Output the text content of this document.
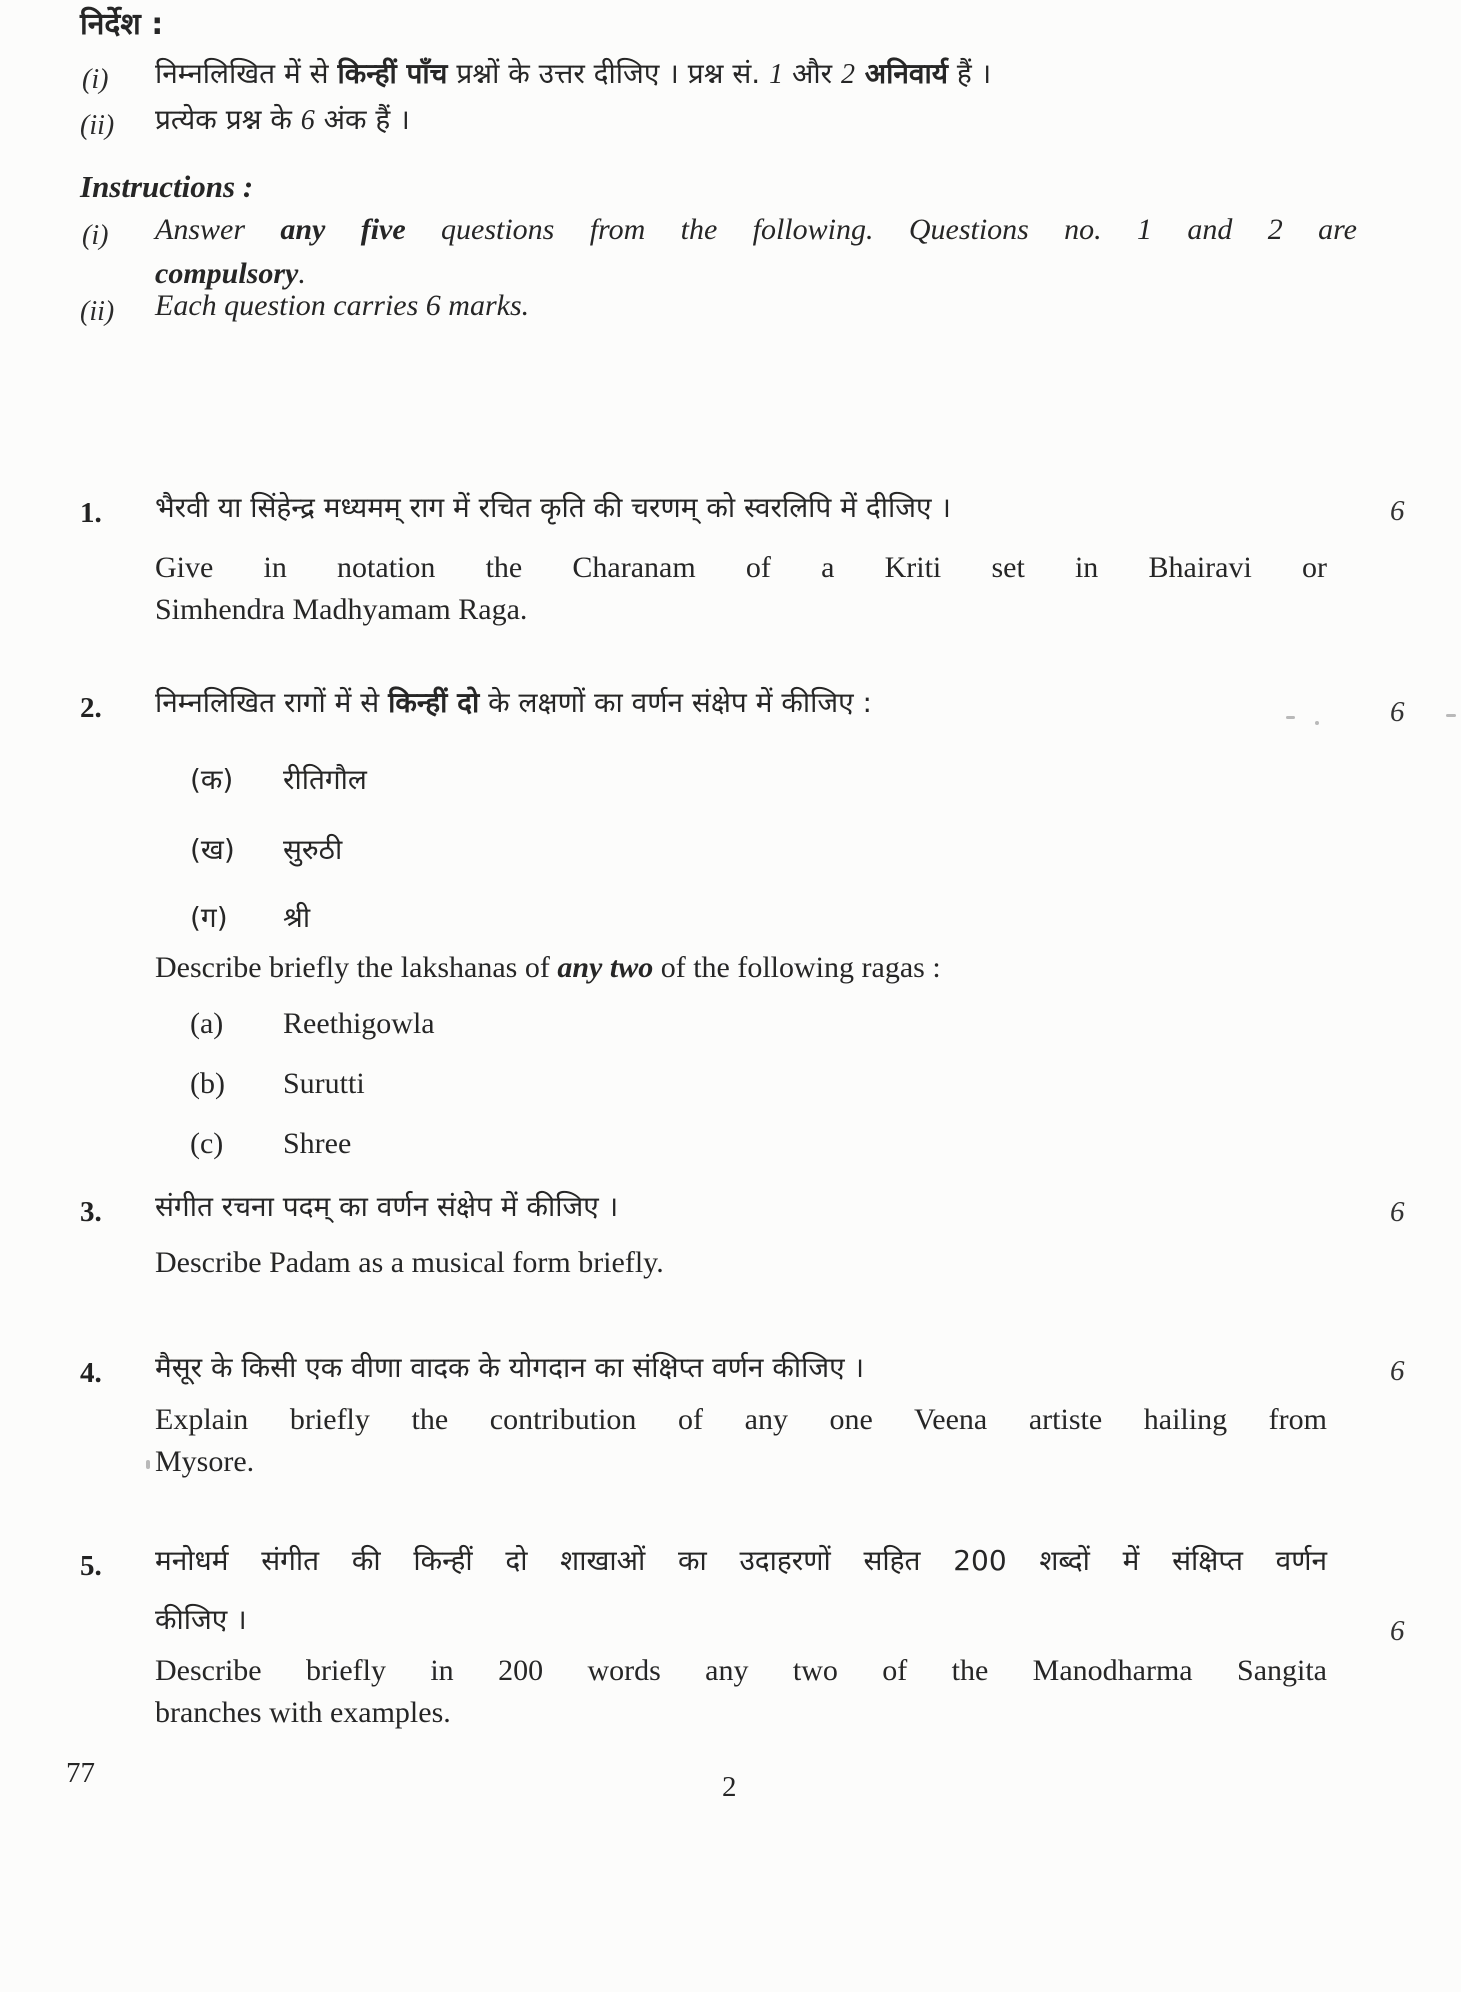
निर्देश :
(i) निम्नलिखित में से किन्हीं पाँच प्रश्नों के उत्तर दीजिए । प्रश्न सं. 1 और 2 अनिवार्य हैं ।
(ii) प्रत्येक प्रश्न के 6 अंक हैं ।
Instructions :
(i) Answer any five questions from the following. Questions no. 1 and 2 are
compulsory.
(ii) Each question carries 6 marks.
1. भैरवी या सिंहेन्द्र मध्यमम् राग में रचित कृति की चरणम् को स्वरलिपि में दीजिए ।	6
Give in notation the Charanam of a Kriti set in Bhairavi or
Simhendra Madhyamam Raga.
2. निम्नलिखित रागों में से किन्हीं दो के लक्षणों का वर्णन संक्षेप में कीजिए :	6
(क) रीतिगौल
(ख) सुरुठी
(ग) श्री
Describe briefly the lakshanas of any two of the following ragas :
(a) Reethigowla
(b) Surutti
(c) Shree
3. संगीत रचना पदम् का वर्णन संक्षेप में कीजिए ।	6
Describe Padam as a musical form briefly.
4. मैसूर के किसी एक वीणा वादक के योगदान का संक्षिप्त वर्णन कीजिए ।	6
Explain briefly the contribution of any one Veena artiste hailing from
Mysore.
5. मनोधर्म संगीत की किन्हीं दो शाखाओं का उदाहरणों सहित 200 शब्दों में संक्षिप्त वर्णन
कीजिए ।	6
Describe briefly in 200 words any two of the Manodharma Sangita
branches with examples.
77	2
